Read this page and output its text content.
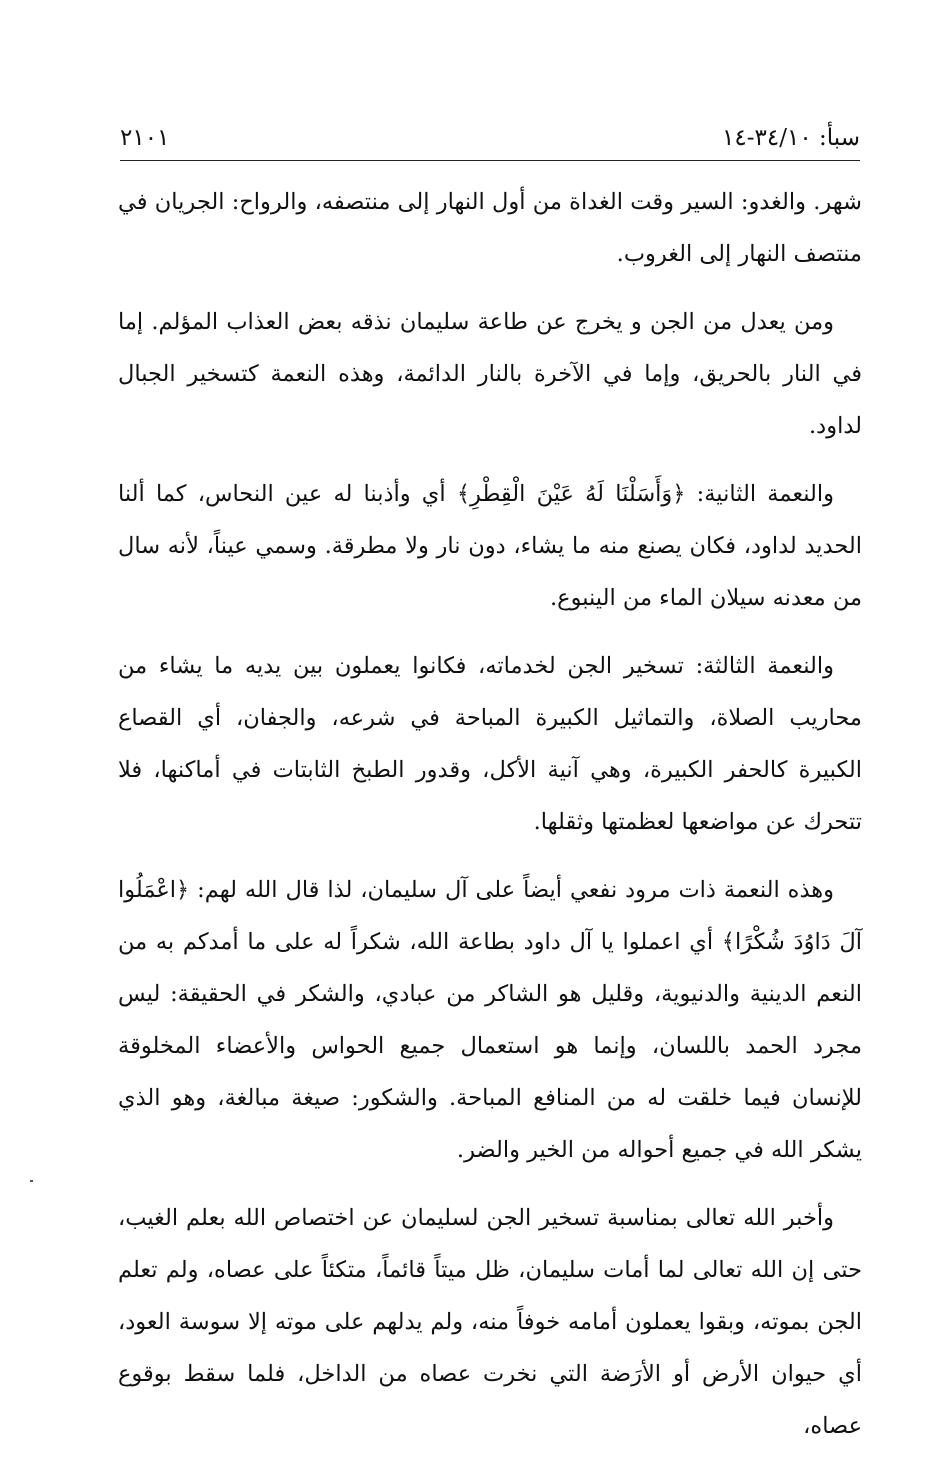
سبأ: ٣٤/١٠-١٤
٢١٠١

شهر. والغدو: السير وقت الغداة من أول النهار إلى منتصفه، والرواح: الجريان في منتصف النهار إلى الغروب.

ومن يعدل من الجن و يخرج عن طاعة سليمان نذقه بعض العذاب المؤلم. إما في النار بالحريق، وإما في الآخرة بالنار الدائمة، وهذه النعمة كتسخير الجبال لداود.

والنعمة الثانية: ﴿وَأَسَلْنَا لَهُ عَيْنَ الْقِطْرِ﴾ أي وأذبنا له عين النحاس، كما ألنا الحديد لداود، فكان يصنع منه ما يشاء، دون نار ولا مطرقة. وسمي عيناً، لأنه سال من معدنه سيلان الماء من الينبوع.

والنعمة الثالثة: تسخير الجن لخدماته، فكانوا يعملون بين يديه ما يشاء من محاريب الصلاة، والتماثيل الكبيرة المباحة في شرعه، والجفان، أي القصاع الكبيرة كالحفر الكبيرة، وهي آنية الأكل، وقدور الطبخ الثابتات في أماكنها، فلا تتحرك عن مواضعها لعظمتها وثقلها.

وهذه النعمة ذات مرود نفعي أيضاً على آل سليمان، لذا قال الله لهم: ﴿اعْمَلُوا آلَ دَاوُدَ شُكْرًا﴾ أي اعملوا يا آل داود بطاعة الله، شكراً له على ما أمدكم به من النعم الدينية والدنيوية، وقليل هو الشاكر من عبادي، والشكر في الحقيقة: ليس مجرد الحمد باللسان، وإنما هو استعمال جميع الحواس والأعضاء المخلوقة للإنسان فيما خلقت له من المنافع المباحة. والشكور: صيغة مبالغة، وهو الذي يشكر الله في جميع أحواله من الخير والضر.

وأخبر الله تعالى بمناسبة تسخير الجن لسليمان عن اختصاص الله بعلم الغيب، حتى إن الله تعالى لما أمات سليمان، ظل ميتاً قائماً، متكئاً على عصاه، ولم تعلم الجن بموته، وبقوا يعملون أمامه خوفاً منه، ولم يدلهم على موته إلا سوسة العود، أي حيوان الأرض أو الأرَضة التي نخرت عصاه من الداخل، فلما سقط بوقوع عصاه،
